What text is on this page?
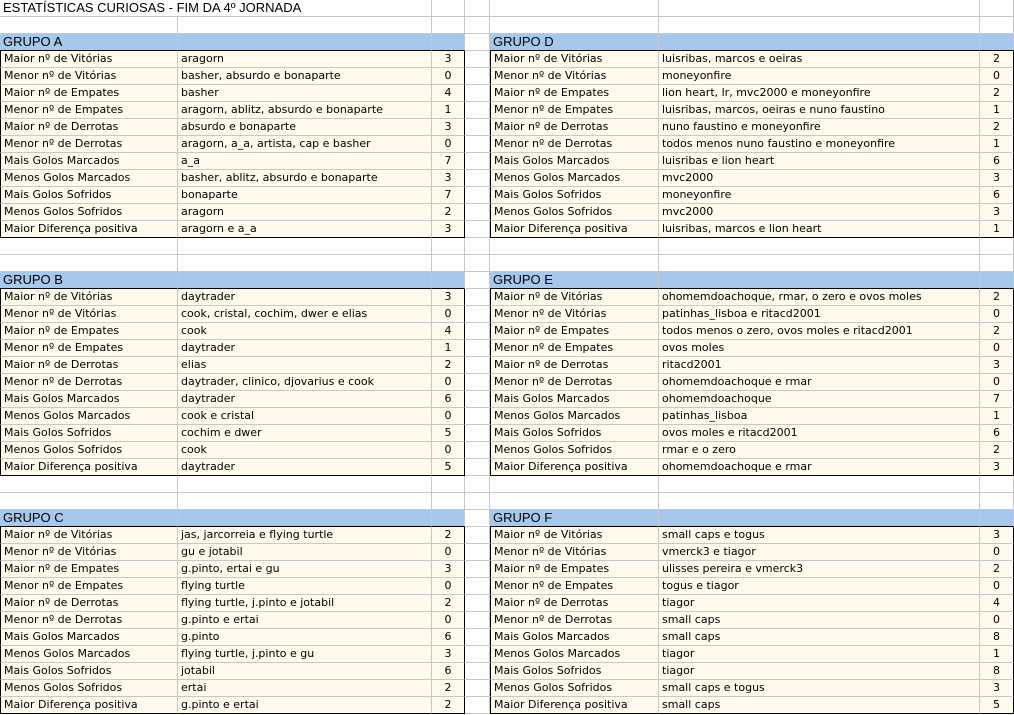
ESTATÍSTICAS CURIOSAS - FIM DA 4º JORNADA
GRUPO A	GRUPO D
Maior nº de Vitórias	aragorn	3	Maior nº de Vitórias	luisribas, marcos e oeiras	2
Menor nº de Vitórias	basher, absurdo e bonaparte	0	Menor nº de Vitórias	moneyonfire	0
Maior nº de Empates	basher	4	Maior nº de Empates	lion heart, lr, mvc2000 e moneyonfire	2
Menor nº de Empates	aragorn, ablitz, absurdo e bonaparte	1	Menor nº de Empates	luisribas, marcos, oeiras e nuno faustino	1
Maior nº de Derrotas	absurdo e bonaparte	3	Maior nº de Derrotas	nuno faustino e moneyonfire	2
Menor nº de Derrotas	aragorn, a_a, artista, cap e basher	0	Menor nº de Derrotas	todos menos nuno faustino e moneyonfire	1
Mais Golos Marcados	a_a	7	Mais Golos Marcados	luisribas e lion heart	6
Menos Golos Marcados	basher, ablitz, absurdo e bonaparte	3	Menos Golos Marcados	mvc2000	3
Mais Golos Sofridos	bonaparte	7	Mais Golos Sofridos	moneyonfire	6
Menos Golos Sofridos	aragorn	2	Menos Golos Sofridos	mvc2000	3
Maior Diferença positiva	aragorn e a_a	3	Maior Diferença positiva	luisribas, marcos e lion heart	1
GRUPO B	GRUPO E
Maior nº de Vitórias	daytrader	3	Maior nº de Vitórias	ohomemdoachoque, rmar, o zero e ovos moles	2
Menor nº de Vitórias	cook, cristal, cochim, dwer e elias	0	Menor nº de Vitórias	patinhas_lisboa e ritacd2001	0
Maior nº de Empates	cook	4	Maior nº de Empates	todos menos o zero, ovos moles e ritacd2001	2
Menor nº de Empates	daytrader	1	Menor nº de Empates	ovos moles	0
Maior nº de Derrotas	elias	2	Maior nº de Derrotas	ritacd2001	3
Menor nº de Derrotas	daytrader, clinico, djovarius e cook	0	Menor nº de Derrotas	ohomemdoachoque e rmar	0
Mais Golos Marcados	daytrader	6	Mais Golos Marcados	ohomemdoachoque	7
Menos Golos Marcados	cook e cristal	0	Menos Golos Marcados	patinhas_lisboa	1
Mais Golos Sofridos	cochim e dwer	5	Mais Golos Sofridos	ovos moles e ritacd2001	6
Menos Golos Sofridos	cook	0	Menos Golos Sofridos	rmar e o zero	2
Maior Diferença positiva	daytrader	5	Maior Diferença positiva	ohomemdoachoque e rmar	3
GRUPO C	GRUPO F
Maior nº de Vitórias	jas, jarcorreia e flying turtle	2	Maior nº de Vitórias	small caps e togus	3
Menor nº de Vitórias	gu e jotabil	0	Menor nº de Vitórias	vmerck3 e tiagor	0
Maior nº de Empates	g.pinto, ertai e gu	3	Maior nº de Empates	ulisses pereira e vmerck3	2
Menor nº de Empates	flying turtle	0	Menor nº de Empates	togus e tiagor	0
Maior nº de Derrotas	flying turtle, j.pinto e jotabil	2	Maior nº de Derrotas	tiagor	4
Menor nº de Derrotas	g.pinto e ertai	0	Menor nº de Derrotas	small caps	0
Mais Golos Marcados	g.pinto	6	Mais Golos Marcados	small caps	8
Menos Golos Marcados	flying turtle, j.pinto e gu	3	Menos Golos Marcados	tiagor	1
Mais Golos Sofridos	jotabil	6	Mais Golos Sofridos	tiagor	8
Menos Golos Sofridos	ertai	2	Menos Golos Sofridos	small caps e togus	3
Maior Diferença positiva	g.pinto e ertai	2	Maior Diferença positiva	small caps	5
